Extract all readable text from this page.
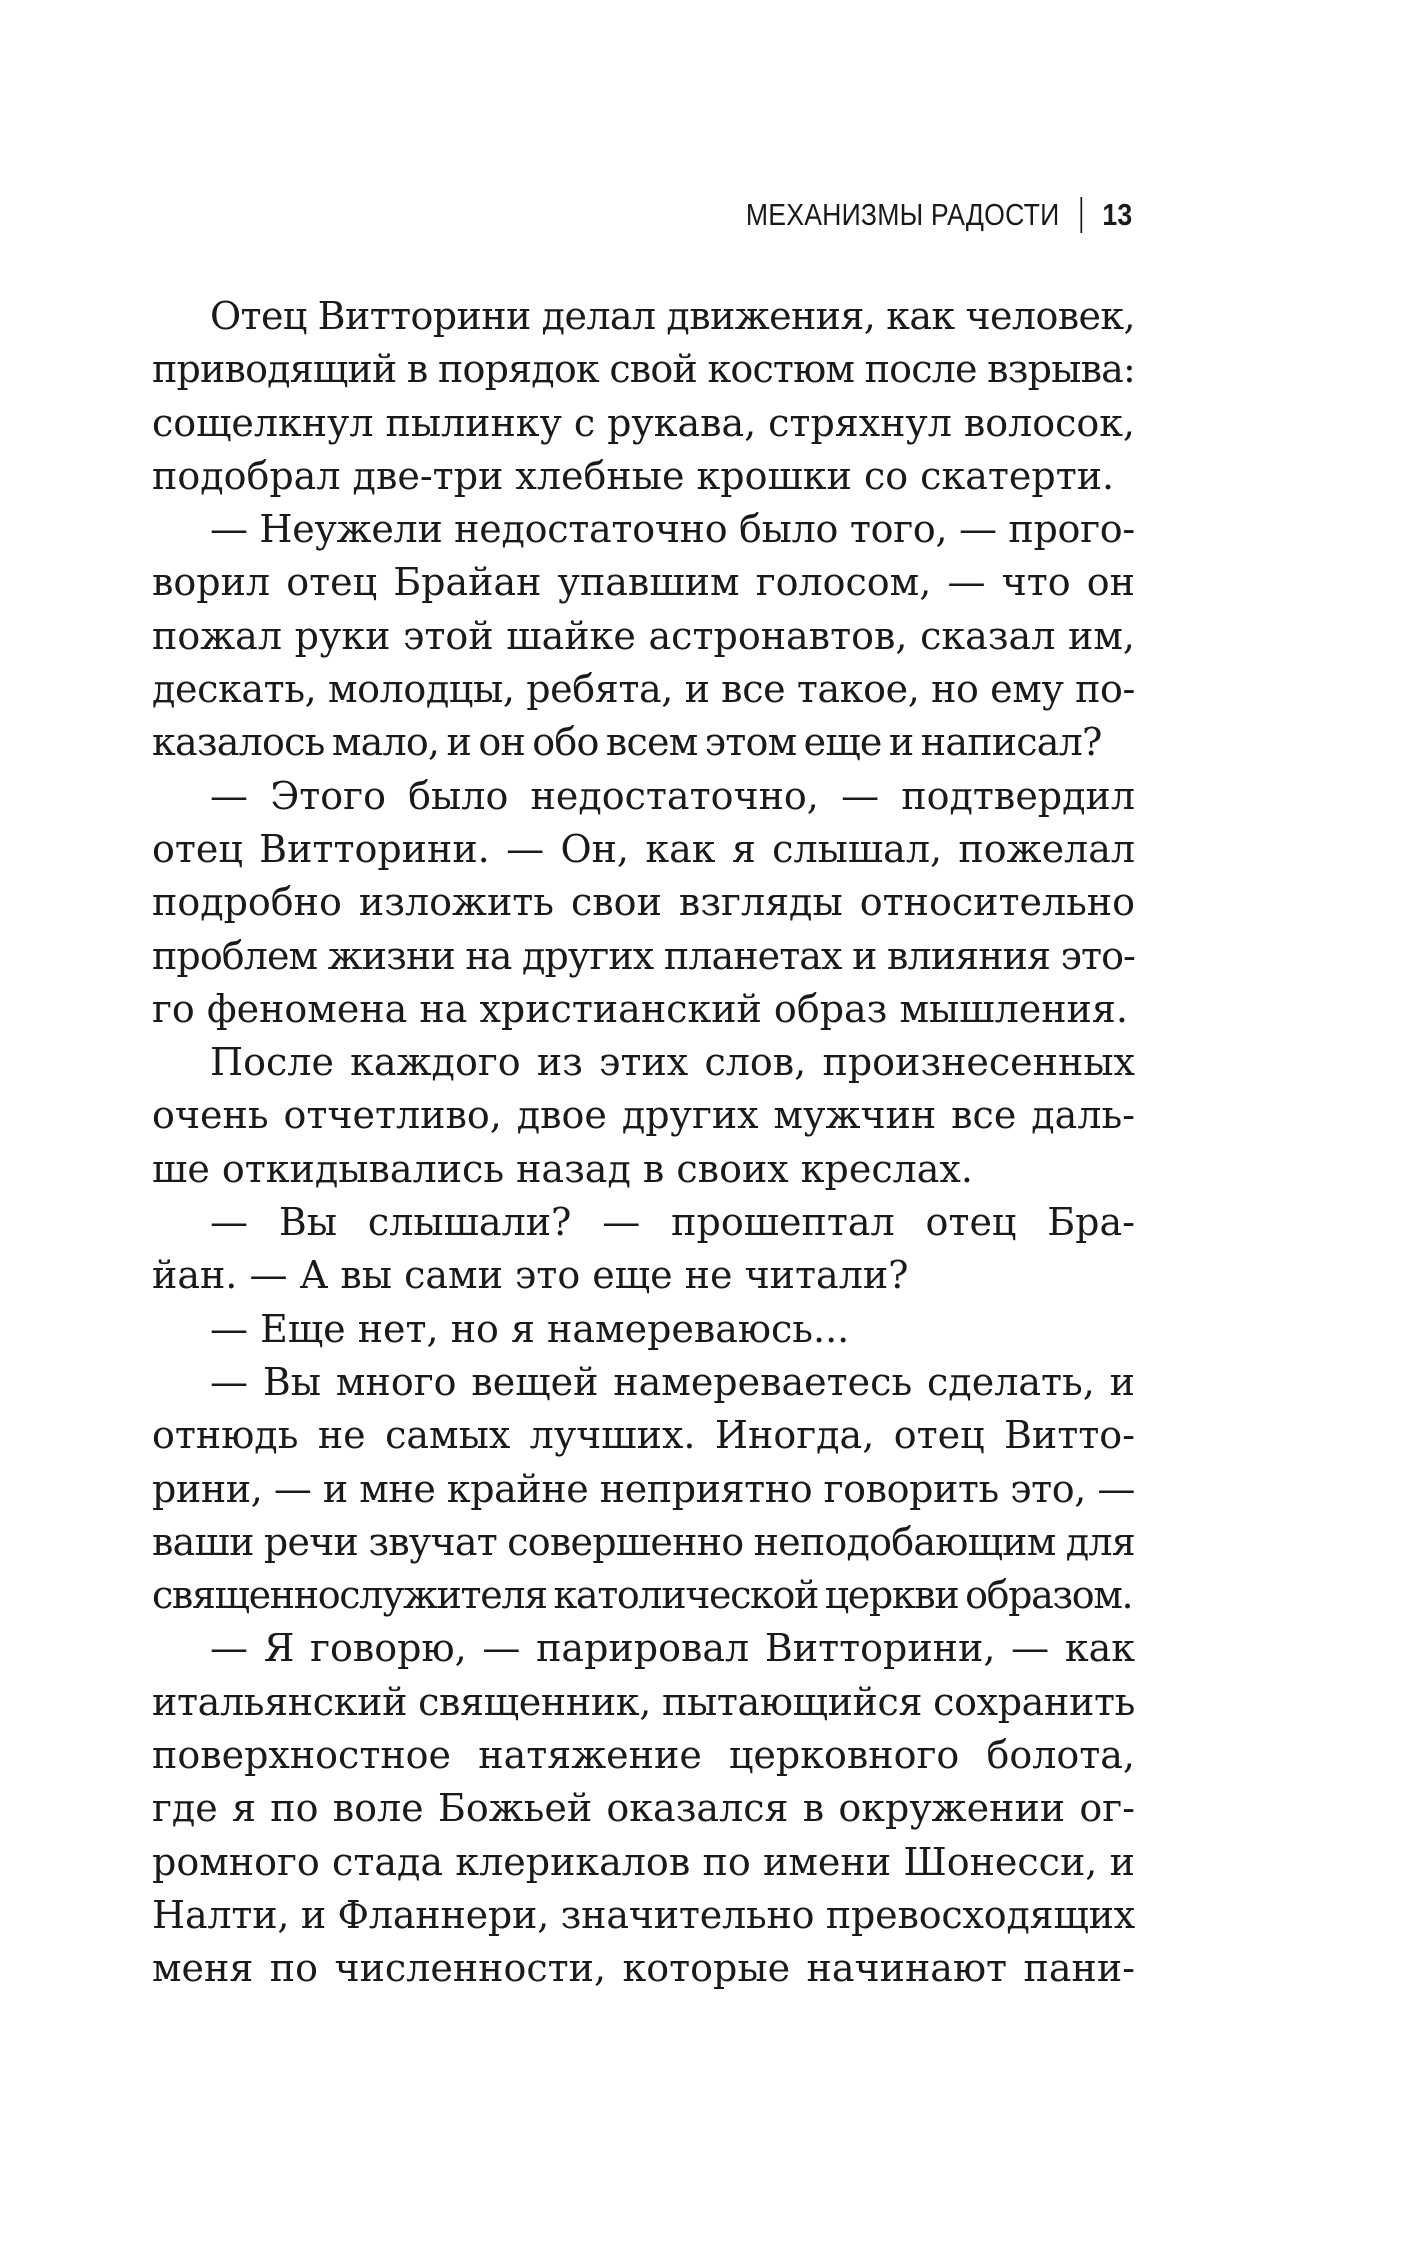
МЕХАНИЗМЫ РАДОСТИ 13
Отец Витторини делал движения, как человек,
приводящий в порядок свой костюм после взрыва:
сощелкнул пылинку с рукава, стряхнул волосок,
подобрал две-три хлебные крошки со скатерти.
— Неужели недостаточно было того, — прого-
ворил отец Брайан упавшим голосом, — что он
пожал руки этой шайке астронавтов, сказал им,
дескать, молодцы, ребята, и все такое, но ему по-
казалось мало, и он обо всем этом еще и написал?
— Этого было недостаточно, — подтвердил
отец Витторини. — Он, как я слышал, пожелал
подробно изложить свои взгляды относительно
проблем жизни на других планетах и влияния это-
го феномена на христианский образ мышления.
После каждого из этих слов, произнесенных
очень отчетливо, двое других мужчин все даль-
ше откидывались назад в своих креслах.
— Вы слышали? — прошептал отец Бра-
йан. — А вы сами это еще не читали?
— Еще нет, но я намереваюсь...
— Вы много вещей намереваетесь сделать, и
отнюдь не самых лучших. Иногда, отец Витто-
рини, — и мне крайне неприятно говорить это, —
ваши речи звучат совершенно неподобающим для
священнослужителя католической церкви образом.
— Я говорю, — парировал Витторини, — как
итальянский священник, пытающийся сохранить
поверхностное натяжение церковного болота,
где я по воле Божьей оказался в окружении ог-
ромного стада клерикалов по имени Шонесси, и
Налти, и Фланнери, значительно превосходящих
меня по численности, которые начинают пани-
